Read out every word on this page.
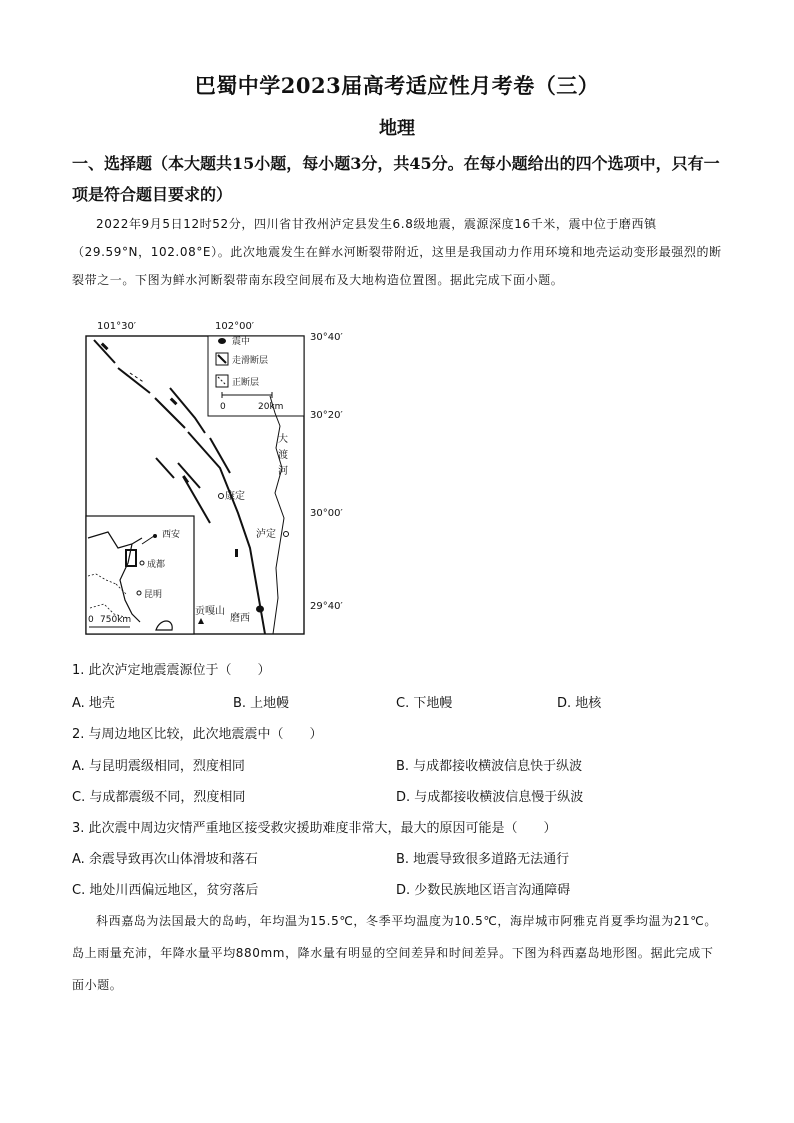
巴蜀中学2023届高考适应性月考卷（三）
地理
一、选择题（本大题共15小题，每小题3分，共45分。在每小题给出的四个选项中，只有一项是符合题目要求的）
2022年9月5日12时52分，四川省甘孜州泸定县发生6.8级地震，震源深度16千米，震中位于磨西镇（29.59°N，102.08°E）。此次地震发生在鲜水河断裂带附近，这里是我国动力作用环境和地壳运动变形最强烈的断裂带之一。下图为鲜水河断裂带南东段空间展布及大地构造位置图。据此完成下面小题。
101°30′	102°00′
30°40′
30°20′
30°00′
29°40′
震中
走滑断层
正断层
0	20km
大
渡
河
康定
泸定
磨西
贡嘎山
西安
成都
昆明
0 750km
1. 此次泸定地震震源位于（　　）
A. 地壳	B. 上地幔	C. 下地幔	D. 地核
2. 与周边地区比较，此次地震震中（　　）
A. 与昆明震级相同，烈度相同	B. 与成都接收横波信息快于纵波
C. 与成都震级不同，烈度相同	D. 与成都接收横波信息慢于纵波
3. 此次震中周边灾情严重地区接受救灾援助难度非常大，最大的原因可能是（　　）
A. 余震导致再次山体滑坡和落石	B. 地震导致很多道路无法通行
C. 地处川西偏远地区，贫穷落后	D. 少数民族地区语言沟通障碍
科西嘉岛为法国最大的岛屿，年均温为15.5℃，冬季平均温度为10.5℃，海岸城市阿雅克肖夏季均温为21℃。岛上雨量充沛，年降水量平均880mm，降水量有明显的空间差异和时间差异。下图为科西嘉岛地形图。据此完成下面小题。
